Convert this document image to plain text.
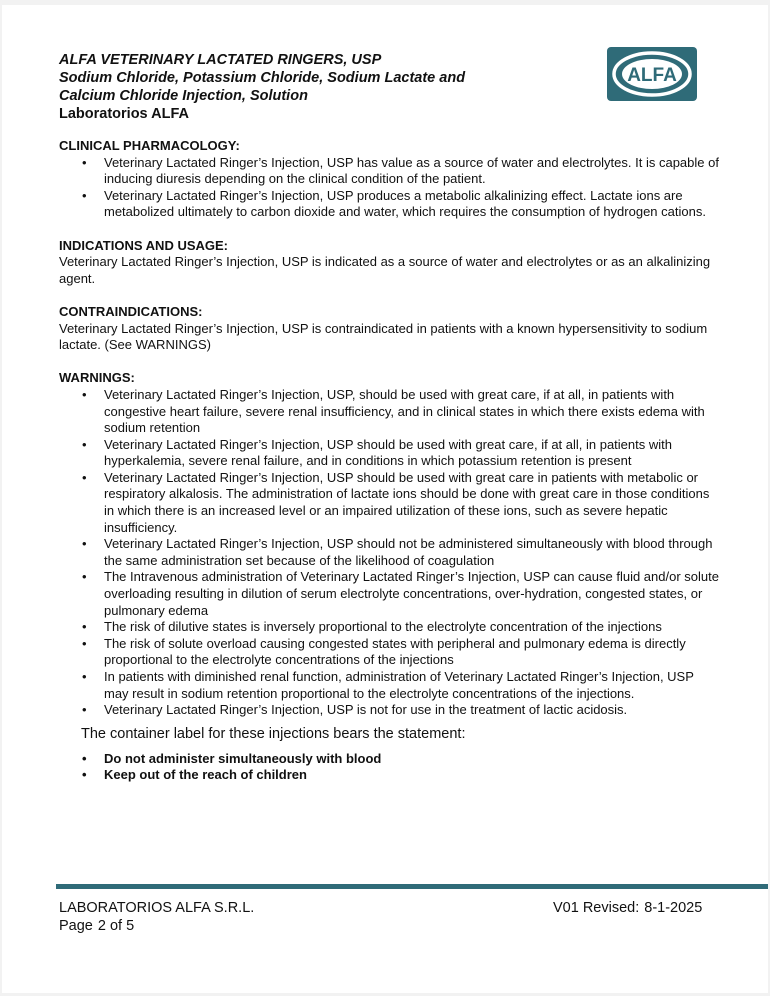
ALFA VETERINARY LACTATED RINGERS, USP

Sodium Chloride, Potassium Chloride, Sodium Lactate and

Calcium Chloride Injection, Solution

Laboratorios ALFA

ALFA

CLINICAL PHARMACOLOGY:

• Veterinary Lactated Ringer’s Injection, USP has value as a source of water and electrolytes. It is capable of inducing diuresis depending on the clinical condition of the patient.
• Veterinary Lactated Ringer’s Injection, USP produces a metabolic alkalinizing effect. Lactate ions are metabolized ultimately to carbon dioxide and water, which requires the consumption of hydrogen cations.

INDICATIONS AND USAGE:

Veterinary Lactated Ringer’s Injection, USP is indicated as a source of water and electrolytes or as an alkalinizing agent.

CONTRAINDICATIONS:

Veterinary Lactated Ringer’s Injection, USP is contraindicated in patients with a known hypersensitivity to sodium lactate. (See WARNINGS)

WARNINGS:

• Veterinary Lactated Ringer’s Injection, USP, should be used with great care, if at all, in patients with congestive heart failure, severe renal insufficiency, and in clinical states in which there exists edema with sodium retention
• Veterinary Lactated Ringer’s Injection, USP should be used with great care, if at all, in patients with hyperkalemia, severe renal failure, and in conditions in which potassium retention is present
• Veterinary Lactated Ringer’s Injection, USP should be used with great care in patients with metabolic or respiratory alkalosis. The administration of lactate ions should be done with great care in those conditions in which there is an increased level or an impaired utilization of these ions, such as severe hepatic insufficiency.
• Veterinary Lactated Ringer’s Injection, USP should not be administered simultaneously with blood through the same administration set because of the likelihood of coagulation
• The Intravenous administration of Veterinary Lactated Ringer’s Injection, USP can cause fluid and/or solute overloading resulting in dilution of serum electrolyte concentrations, over-hydration, congested states, or pulmonary edema
• The risk of dilutive states is inversely proportional to the electrolyte concentration of the injections
• The risk of solute overload causing congested states with peripheral and pulmonary edema is directly proportional to the electrolyte concentrations of the injections
• In patients with diminished renal function, administration of Veterinary Lactated Ringer’s Injection, USP may result in sodium retention proportional to the electrolyte concentrations of the injections.
• Veterinary Lactated Ringer’s Injection, USP is not for use in the treatment of lactic acidosis.

The container label for these injections bears the statement:

• Do not administer simultaneously with blood
• Keep out of the reach of children
LABORATORIOS ALFA S.R.L.
Page 2 of 5
V01 Revised: 8-1-2025
